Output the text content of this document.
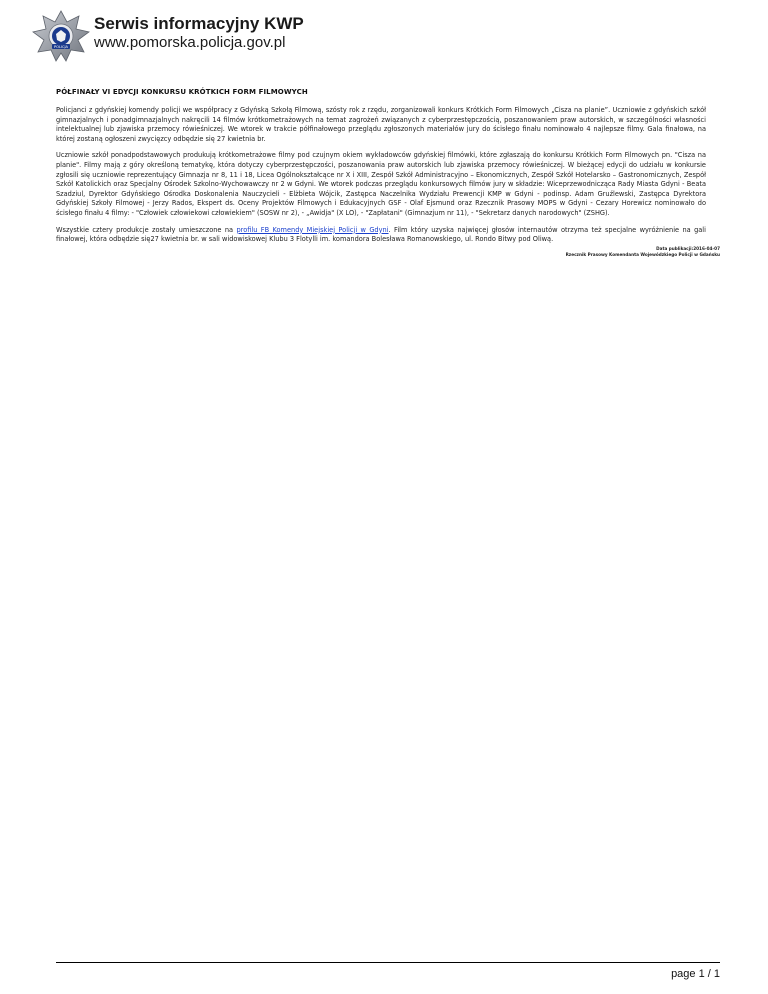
POLICJA
Serwis informacyjny KWP
www.pomorska.policja.gov.pl
PÓŁFINAŁY VI EDYCJI KONKURSU KRÓTKICH FORM FILMOWYCH

Policjanci z gdyńskiej komendy policji we współpracy z Gdyńską Szkołą Filmową, szósty rok z rzędu, zorganizowali konkurs Krótkich Form Filmowych „Cisza na planie”. Uczniowie z gdyńskich szkół gimnazjalnych i ponadgimnazjalnych nakręcili 14 filmów krótkometrażowych na temat zagrożeń związanych z cyberprzestępczością, poszanowaniem praw autorskich, w szczególności własności intelektualnej lub zjawiska przemocy rówieśniczej. We wtorek w trakcie półfinałowego przeglądu zgłoszonych materiałów jury do ścisłego finału nominowało 4 najlepsze filmy. Gala finałowa, na której zostaną ogłoszeni zwycięzcy odbędzie się 27 kwietnia br.

Uczniowie szkół ponadpodstawowych produkują krótkometrażowe filmy pod czujnym okiem wykładowców gdyńskiej filmówki, które zgłaszają do konkursu Krótkich Form Filmowych pn. "Cisza na planie". Filmy mają z góry określoną tematykę, która dotyczy cyberprzestępczości, poszanowania praw autorskich lub zjawiska przemocy rówieśniczej. W bieżącej edycji do udziału w konkursie zgłosili się uczniowie reprezentujący Gimnazja nr 8, 11 i 18, Licea Ogólnokształcące nr X i XIII, Zespół Szkół Administracyjno – Ekonomicznych, Zespół Szkół Hotelarsko – Gastronomicznych, Zespół Szkół Katolickich oraz Specjalny Ośrodek Szkolno-Wychowawczy nr 2 w Gdyni. We wtorek podczas przeglądu konkursowych filmów jury w składzie: Wiceprzewodnicząca Rady Miasta Gdyni - Beata Szadziul, Dyrektor Gdyńskiego Ośrodka Doskonalenia Nauczycieli - Elżbieta Wójcik, Zastępca Naczelnika Wydziału Prewencji KMP w Gdyni - podinsp. Adam Gruźlewski, Zastępca Dyrektora Gdyńskiej Szkoły Filmowej - Jerzy Rados, Ekspert ds. Oceny Projektów Filmowych i Edukacyjnych GSF - Olaf Ejsmund oraz Rzecznik Prasowy MOPS w Gdyni - Cezary Horewicz nominowało do ścisłego finału 4 filmy: - "Człowiek człowiekowi człowiekiem" (SOSW nr 2), - „Awidja" (X LO), - "Zapłatani" (Gimnazjum nr 11), - "Sekretarz danych narodowych" (ZSHG).

Wszystkie cztery produkcje zostały umieszczone na profilu FB Komendy Miejskiej Policji w Gdyni. Film który uzyska najwięcej głosów internautów otrzyma też specjalne wyróżnienie na gali finałowej, która odbędzie się27 kwietnia br. w sali widowiskowej Klubu 3 Flotylli im. komandora Bolesława Romanowskiego, ul. Rondo Bitwy pod Oliwą.

Data publikacji:2016-04-07
Rzecznik Prasowy Komendanta Wojewódzkiego Policji w Gdańsku
page 1 / 1
